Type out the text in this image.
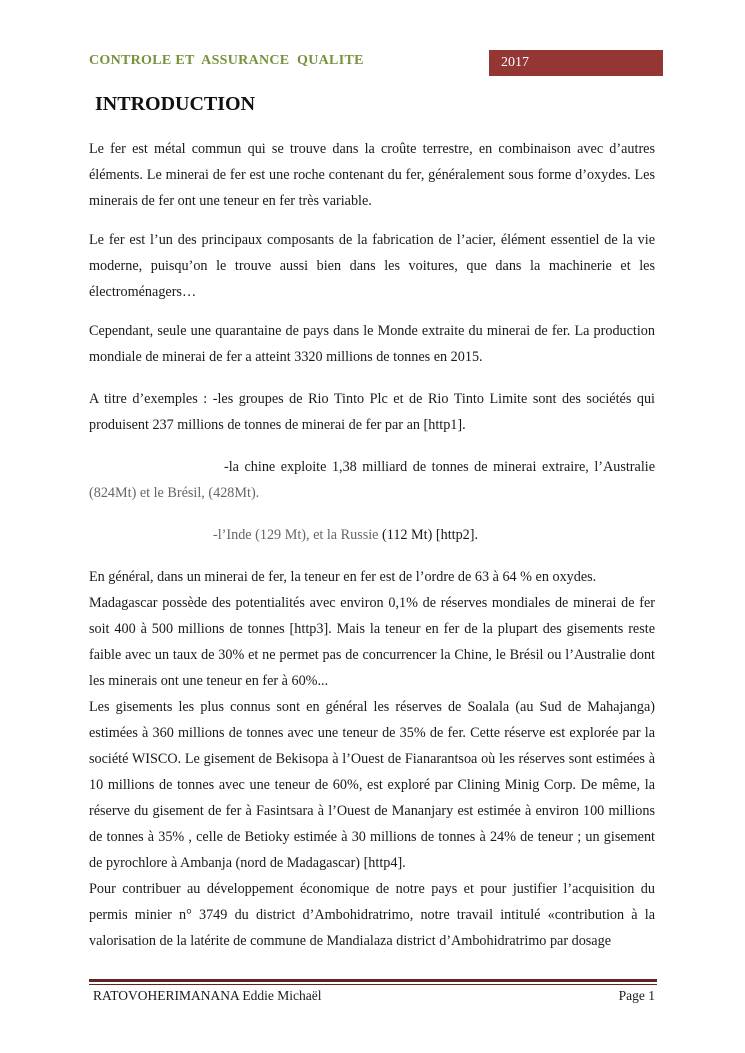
CONTROLE ET  ASSURANCE  QUALITE	2017
INTRODUCTION

Le fer est métal commun qui se trouve dans la croûte terrestre, en combinaison avec d’autres éléments. Le minerai de fer est une roche contenant du fer, généralement sous forme d’oxydes. Les minerais de fer ont une teneur en fer très variable.

Le fer est l’un des principaux composants de la fabrication de l’acier, élément essentiel de la vie moderne, puisqu’on le trouve aussi bien dans les voitures, que dans la machinerie et les électroménagers…

Cependant, seule une quarantaine de pays dans le Monde extraite du minerai de fer. La production mondiale de minerai de fer a atteint 3320 millions de tonnes en 2015.

A titre d’exemples : -les groupes de Rio Tinto Plc et de Rio Tinto Limite sont des sociétés qui produisent 237 millions de tonnes de minerai de fer par an [http1].

-la chine exploite 1,38 milliard de tonnes de minerai extraire, l’Australie (824Mt) et le Brésil, (428Mt).

-l’Inde (129 Mt), et la Russie (112 Mt) [http2].

En général, dans un minerai de fer, la teneur en fer est de l’ordre de 63 à 64 % en oxydes.

Madagascar possède des potentialités avec environ 0,1% de réserves mondiales de minerai de fer soit 400 à 500 millions de tonnes [http3]. Mais la teneur en fer de la plupart des gisements reste faible avec un taux de 30% et ne permet pas de concurrencer la Chine, le Brésil ou l’Australie dont les minerais ont une teneur en fer à 60%...

Les gisements les plus connus sont en général les réserves de Soalala (au Sud de Mahajanga) estimées à 360 millions de tonnes avec une teneur de 35% de fer. Cette réserve est explorée par la société WISCO. Le gisement de Bekisopa à l’Ouest de Fianarantsoa où les réserves sont estimées à 10 millions de tonnes avec une teneur de 60%, est exploré par Clining Minig Corp. De même, la réserve du gisement de fer à Fasintsara à l’Ouest de Mananjary est estimée à environ 100 millions de tonnes à 35% , celle de Betioky estimée à 30 millions de tonnes à 24% de teneur ; un gisement de pyrochlore à Ambanja (nord de Madagascar) [http4].

Pour contribuer au développement économique de notre pays et pour justifier l’acquisition du permis minier n° 3749 du district d’Ambohidratrimo, notre travail intitulé «contribution à la valorisation de la latérite de commune de Mandialaza district d’Ambohidratrimo par dosage

RATOVOHERIMANANA Eddie Michaël	Page 1
